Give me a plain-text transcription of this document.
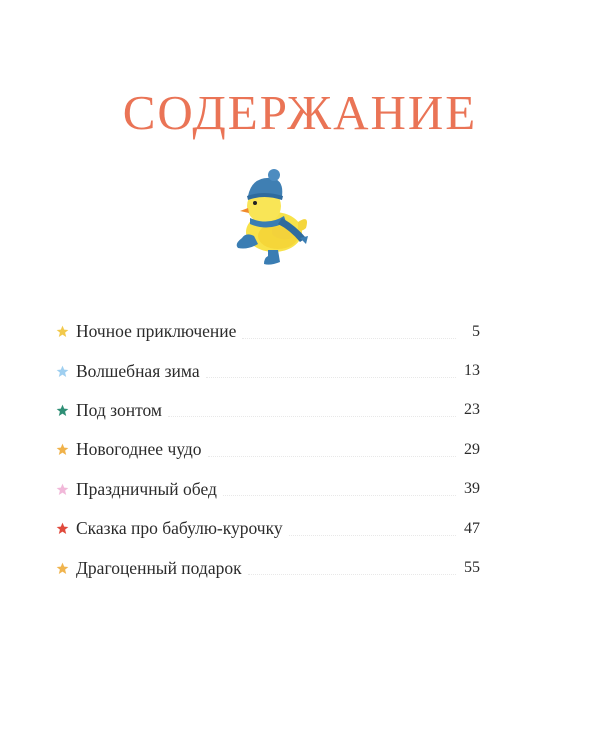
СОДЕРЖАНИЕ
Ночное приключение	5
Волшебная зима	13
Под зонтом	23
Новогоднее чудо	29
Праздничный обед	39
Сказка про бабулю-курочку	47
Драгоценный подарок	55
